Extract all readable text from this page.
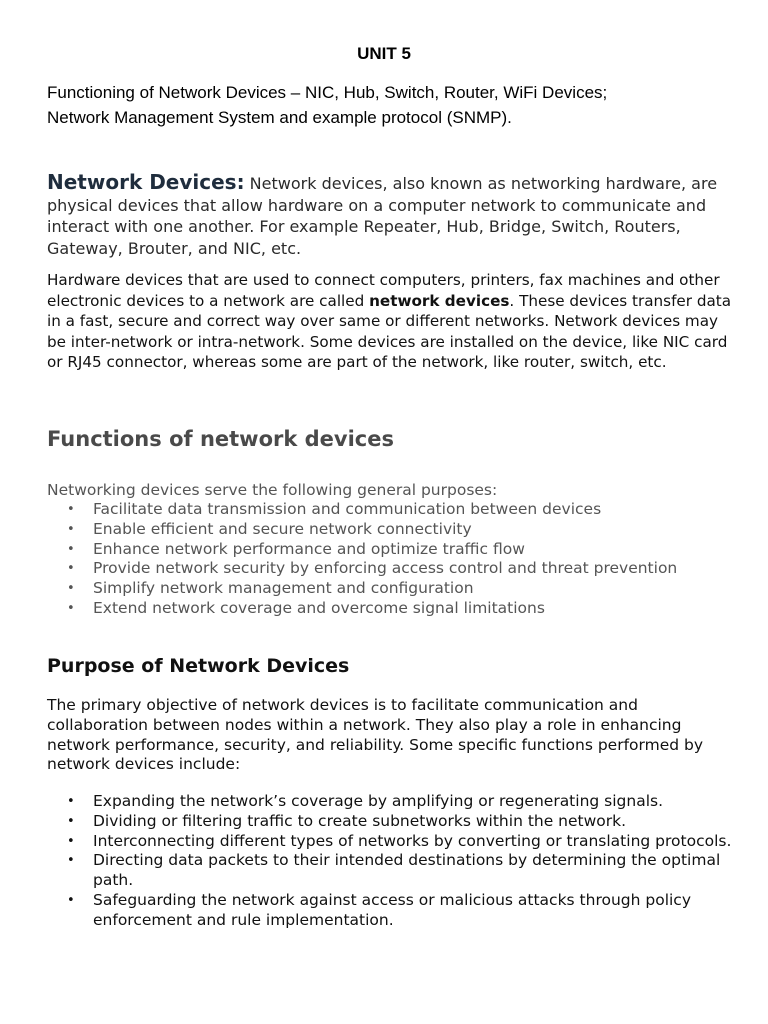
UNIT 5

Functioning of Network Devices – NIC, Hub, Switch, Router, WiFi Devices;
Network Management System and example protocol (SNMP).

Network Devices: Network devices, also known as networking hardware, are physical devices that allow hardware on a computer network to communicate and interact with one another. For example Repeater, Hub, Bridge, Switch, Routers, Gateway, Brouter, and NIC, etc.

Hardware devices that are used to connect computers, printers, fax machines and other electronic devices to a network are called network devices. These devices transfer data in a fast, secure and correct way over same or different networks. Network devices may be inter-network or intra-network. Some devices are installed on the device, like NIC card or RJ45 connector, whereas some are part of the network, like router, switch, etc.

Functions of network devices

Networking devices serve the following general purposes:

• Facilitate data transmission and communication between devices
• Enable efficient and secure network connectivity
• Enhance network performance and optimize traffic flow
• Provide network security by enforcing access control and threat prevention
• Simplify network management and configuration
• Extend network coverage and overcome signal limitations
Purpose of Network Devices

The primary objective of network devices is to facilitate communication and collaboration between nodes within a network. They also play a role in enhancing network performance, security, and reliability. Some specific functions performed by network devices include:

• Expanding the network’s coverage by amplifying or regenerating signals.
• Dividing or filtering traffic to create subnetworks within the network.
• Interconnecting different types of networks by converting or translating protocols.
• Directing data packets to their intended destinations by determining the optimal path.
• Safeguarding the network against access or malicious attacks through policy enforcement and rule implementation.
